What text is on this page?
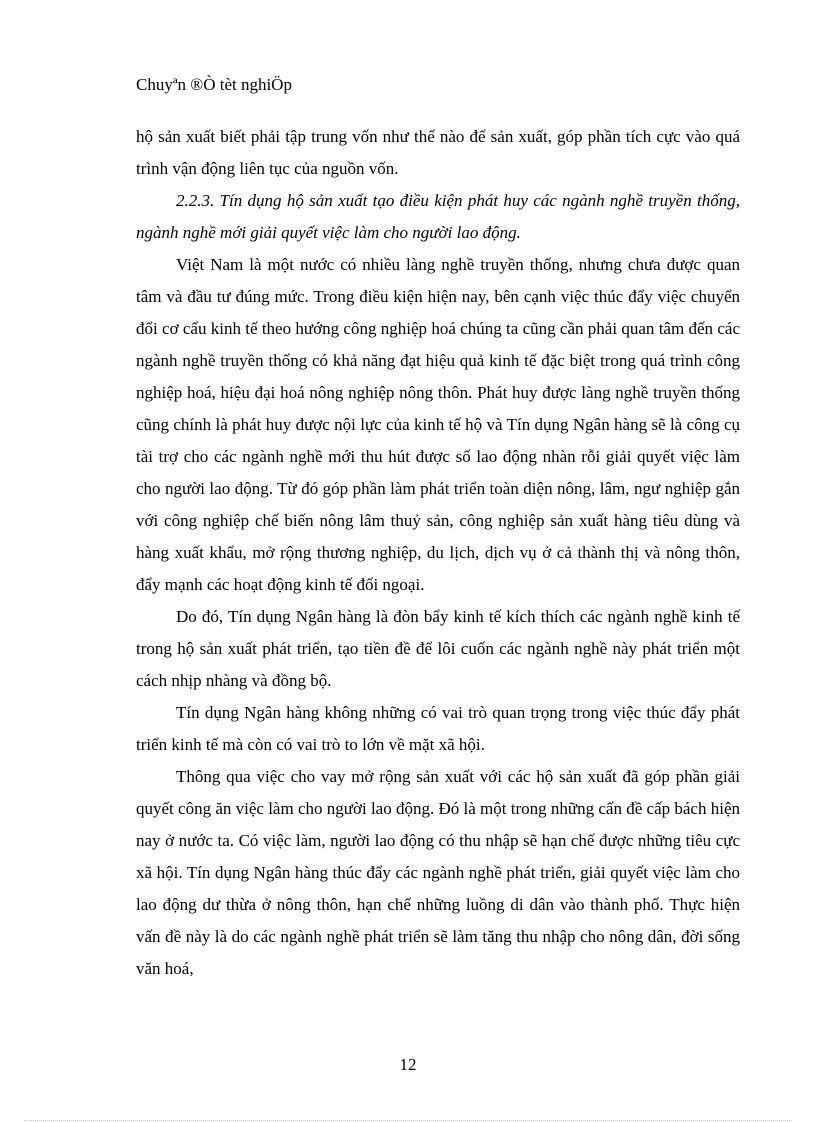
Chuyªn ®Ò tèt nghiÖp

hộ sản xuất biết phải tập trung vốn như thế nào để sản xuất, góp phần tích cực vào quá trình vận động liên tục của nguồn vốn.

2.2.3. Tín dụng hộ sản xuất tạo điều kiện phát huy các ngành nghề truyền thống, ngành nghề mới giải quyết việc làm cho người lao động.

Việt Nam là một nước có nhiều làng nghề truyền thống, nhưng chưa được quan tâm và đầu tư đúng mức. Trong điều kiện hiện nay, bên cạnh việc thúc đẩy việc chuyển đổi cơ cấu kinh tế theo hướng công nghiệp hoá chúng ta cũng cần phải quan tâm đến các ngành nghề truyền thống có khả năng đạt hiệu quả kinh tế đặc biệt trong quá trình công nghiệp hoá, hiệu đại hoá nông nghiệp nông thôn. Phát huy được làng nghề truyền thống cũng chính là phát huy được nội lực của kinh tế hộ và Tín dụng Ngân hàng sẽ là công cụ tài trợ cho các ngành nghề mới thu hút được số lao động nhàn rỗi giải quyết việc làm cho người lao động. Từ đó góp phần làm phát triển toàn diện nông, lâm, ngư nghiệp gắn với công nghiệp chế biến nông lâm thuỷ sản, công nghiệp sản xuất hàng tiêu dùng và hàng xuất khẩu, mở rộng thương nghiệp, du lịch, dịch vụ ở cả thành thị và nông thôn, đẩy mạnh các hoạt động kinh tế đối ngoại.

Do đó, Tín dụng Ngân hàng là đòn bẩy kinh tế kích thích các ngành nghề kinh tế trong hộ sản xuất phát triển, tạo tiền đề để lôi cuốn các ngành nghề này phát triển một cách nhịp nhàng và đồng bộ.

Tín dụng Ngân hàng không những có vai trò quan trọng trong việc thúc đẩy phát triển kinh tế mà còn có vai trò to lớn về mặt xã hội.

Thông qua việc cho vay mở rộng sản xuất với các hộ sản xuất đã góp phần giải quyết công ăn việc làm cho người lao động. Đó là một trong những cấn đề cấp bách hiện nay ở nước ta. Có việc làm, người lao động có thu nhập sẽ hạn chế được những tiêu cực xã hội. Tín dụng Ngân hàng thúc đẩy các ngành nghề phát triển, giải quyết việc làm cho lao động dư thừa ở nông thôn, hạn chế những luồng di dân vào thành phố. Thực hiện vấn đề này là do các ngành nghề phát triển sẽ làm tăng thu nhập cho nông dân, đời sống văn hoá,

12
